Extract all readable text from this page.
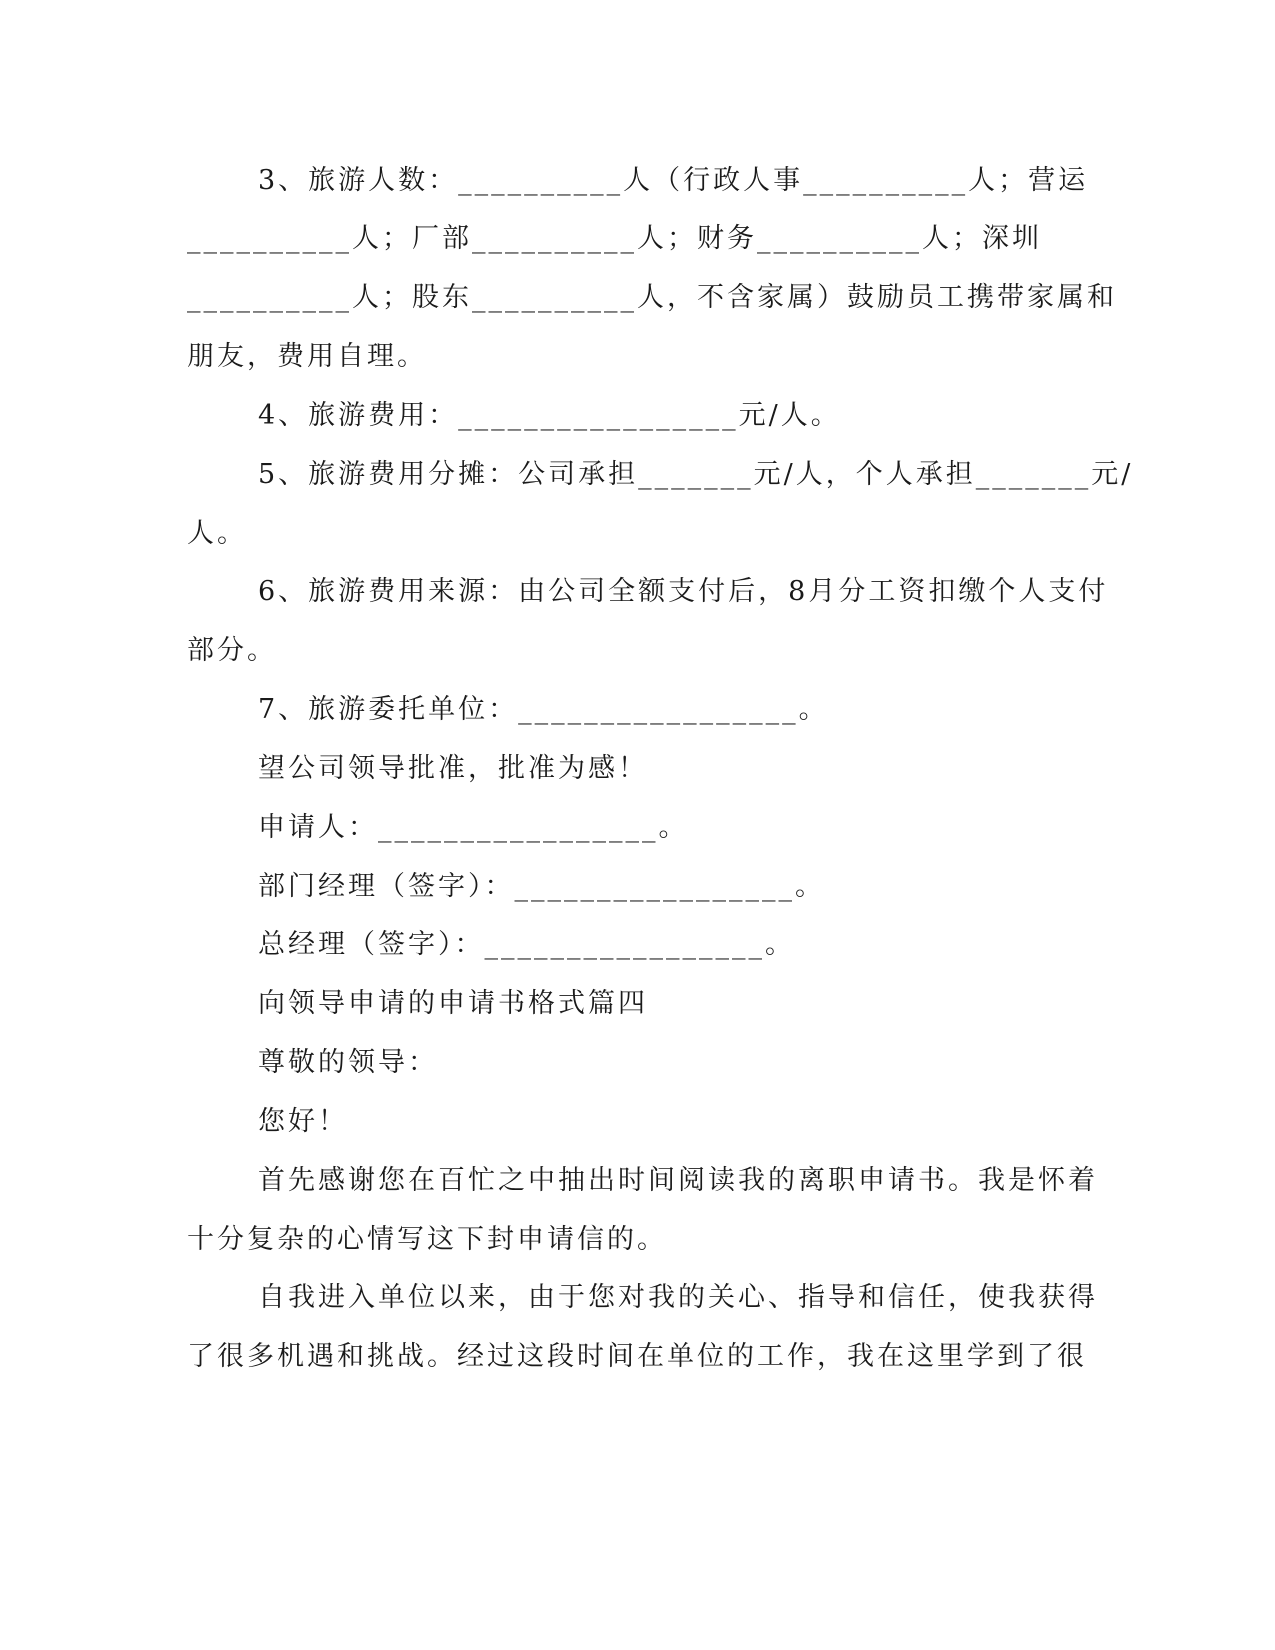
3、旅游人数：__________人（行政人事__________人；营运
__________人；厂部__________人；财务__________人；深圳
__________人；股东__________人，不含家属）鼓励员工携带家属和
朋友，费用自理。
4、旅游费用：_________________元/人。
5、旅游费用分摊：公司承担_______元/人，个人承担_______元/
人。
6、旅游费用来源：由公司全额支付后，8月分工资扣缴个人支付
部分。
7、旅游委托单位：_________________。
望公司领导批准，批准为感！
申请人：_________________。
部门经理（签字）：_________________。
总经理（签字）：_________________。
向领导申请的申请书格式篇四
尊敬的领导：
您好！
首先感谢您在百忙之中抽出时间阅读我的离职申请书。我是怀着
十分复杂的心情写这下封申请信的。
自我进入单位以来，由于您对我的关心、指导和信任，使我获得
了很多机遇和挑战。经过这段时间在单位的工作，我在这里学到了很
